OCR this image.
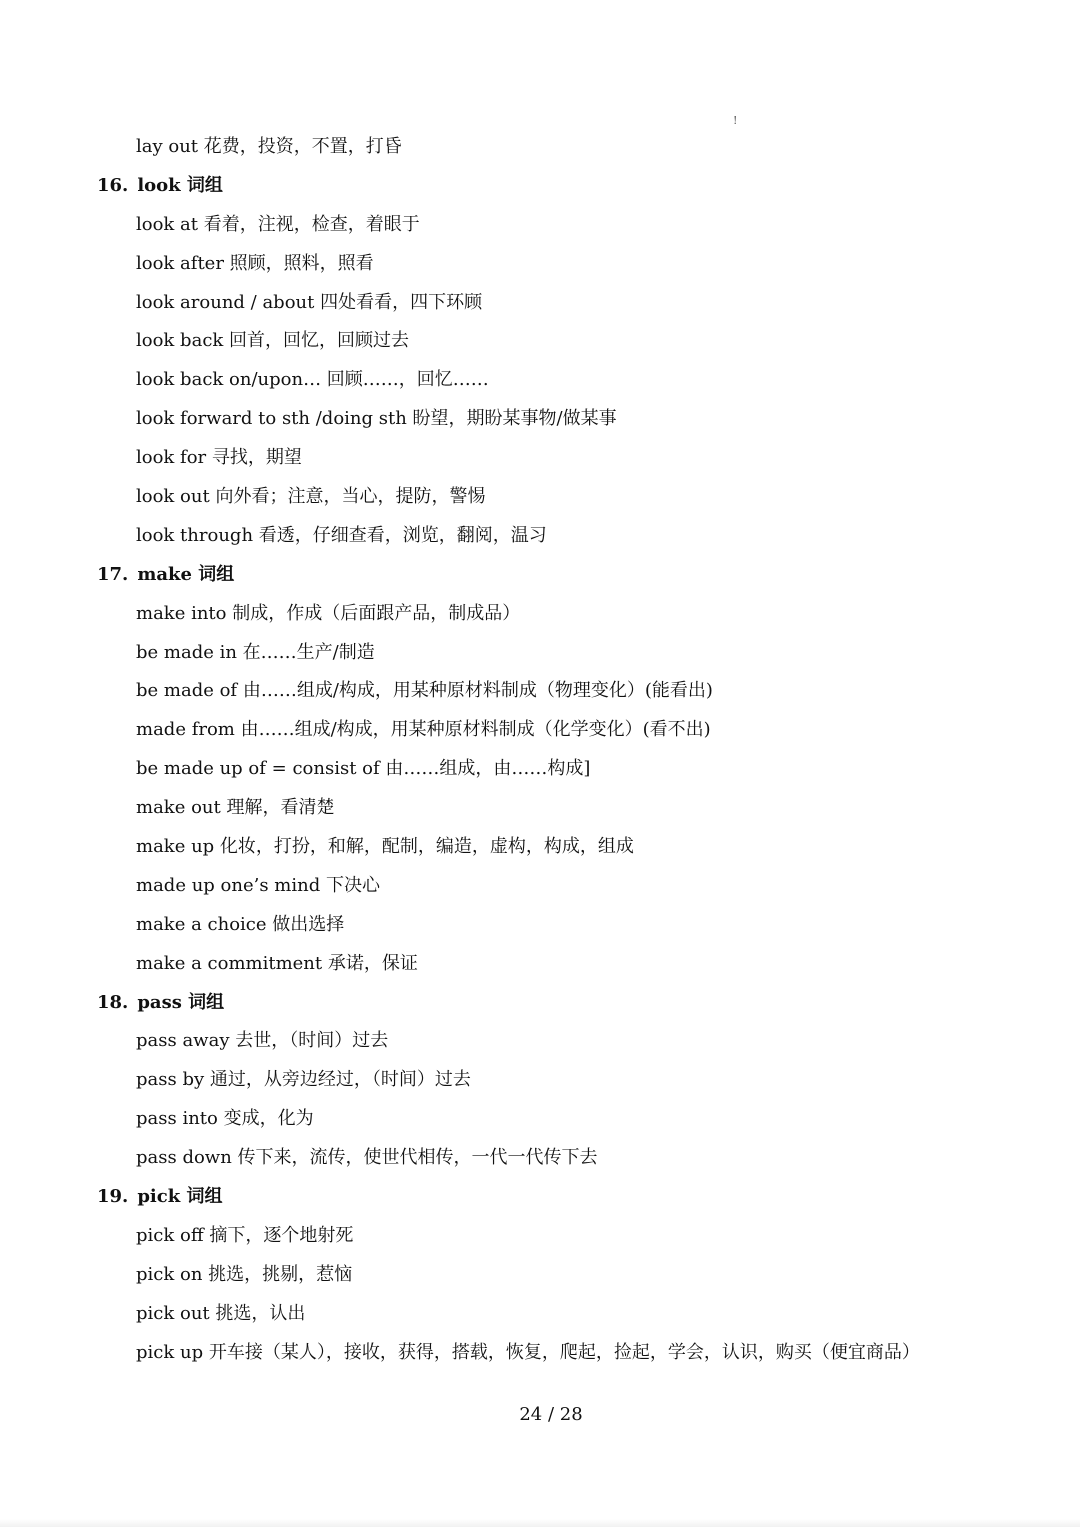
!
lay out 花费，投资，不置，打昏
16. look 词组
look at 看着，注视，检查，着眼于
look after 照顾，照料，照看
look around / about 四处看看，四下环顾
look back 回首，回忆，回顾过去
look back on/upon… 回顾……，回忆……
look forward to sth /doing sth 盼望，期盼某事物/做某事
look for 寻找，期望
look out 向外看；注意，当心，提防，警惕
look through 看透，仔细查看，浏览，翻阅，温习
17. make 词组
make into 制成，作成（后面跟产品，制成品）
be made in 在……生产/制造
be made of 由……组成/构成，用某种原材料制成（物理变化）(能看出)
made from 由……组成/构成，用某种原材料制成（化学变化）(看不出)
be made up of = consist of 由……组成，由……构成]
make out 理解，看清楚
make up 化妆，打扮，和解，配制，编造，虚构，构成，组成
made up one’s mind 下决心
make a choice 做出选择
make a commitment 承诺，保证
18. pass 词组
pass away 去世，（时间）过去
pass by 通过，从旁边经过，（时间）过去
pass into 变成，化为
pass down 传下来，流传，使世代相传，一代一代传下去
19. pick 词组
pick off 摘下，逐个地射死
pick on 挑选，挑剔，惹恼
pick out 挑选，认出
pick up 开车接（某人），接收，获得，搭载，恢复，爬起，捡起，学会，认识，购买（便宜商品）
24 / 28
